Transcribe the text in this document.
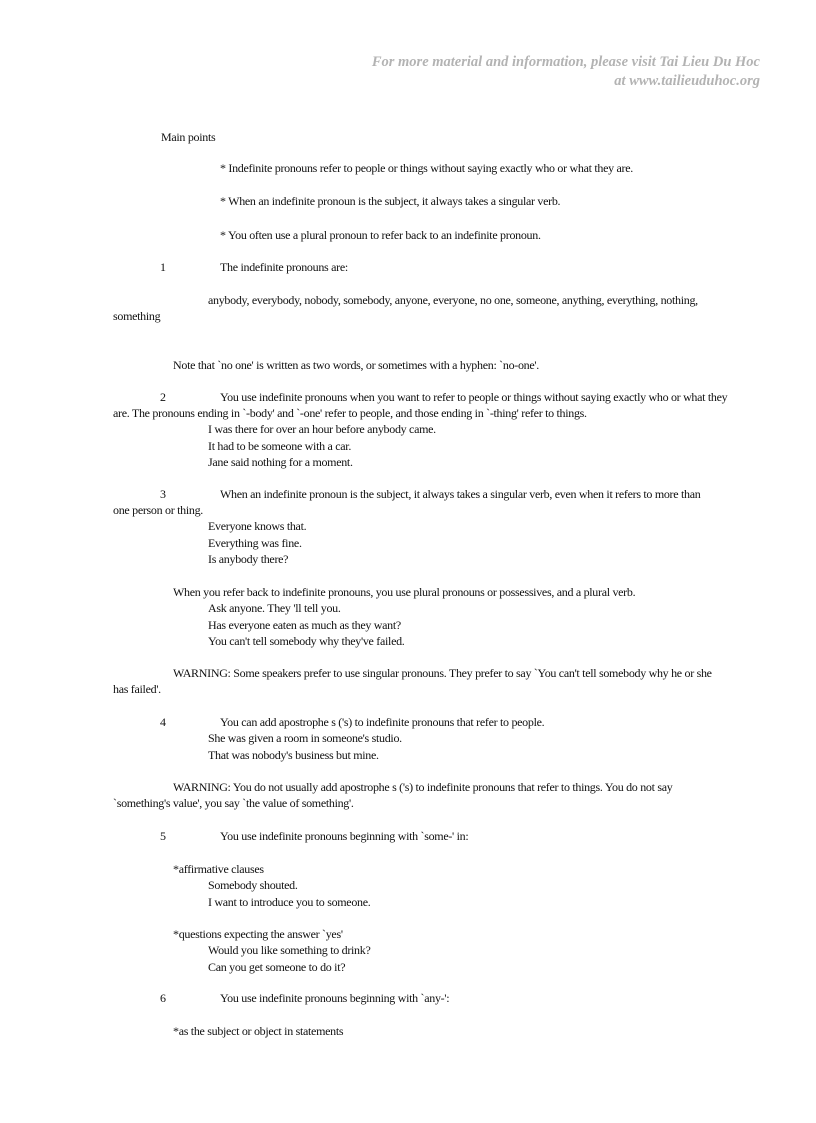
For more material and information, please visit Tai Lieu Du Hoc
at www.tailieuduhoc.org
Main points
* Indefinite pronouns refer to people or things without saying exactly who or what they are.
* When an indefinite pronoun is the subject, it always takes a singular verb.
* You often use a plural pronoun to refer back to an indefinite pronoun.
1	The indefinite pronouns are:
anybody, everybody, nobody, somebody, anyone, everyone, no one, someone, anything, everything, nothing,
something
Note that `no one' is written as two words, or sometimes with a hyphen: `no-one'.
2	You use indefinite pronouns when you want to refer to people or things without saying exactly who or what they
are. The pronouns ending in `-body' and `-one' refer to people, and those ending in `-thing' refer to things.
I was there for over an hour before anybody came.
It had to be someone with a car.
Jane said nothing for a moment.
3	When an indefinite pronoun is the subject, it always takes a singular verb, even when it refers to more than
one person or thing.
Everyone knows that.
Everything was fine.
Is anybody there?
When you refer back to indefinite pronouns, you use plural pronouns or possessives, and a plural verb.
Ask anyone. They 'll tell you.
Has everyone eaten as much as they want?
You can't tell somebody why they've failed.
WARNING: Some speakers prefer to use singular pronouns. They prefer to say `You can't tell somebody why he or she
has failed'.
4	You can add apostrophe s ('s) to indefinite pronouns that refer to people.
She was given a room in someone's studio.
That was nobody's business but mine.
WARNING: You do not usually add apostrophe s ('s) to indefinite pronouns that refer to things. You do not say
`something's value', you say `the value of something'.
5	You use indefinite pronouns beginning with `some-' in:
*affirmative clauses
Somebody shouted.
I want to introduce you to someone.
*questions expecting the answer `yes'
Would you like something to drink?
Can you get someone to do it?
6	You use indefinite pronouns beginning with `any-':
*as the subject or object in statements
